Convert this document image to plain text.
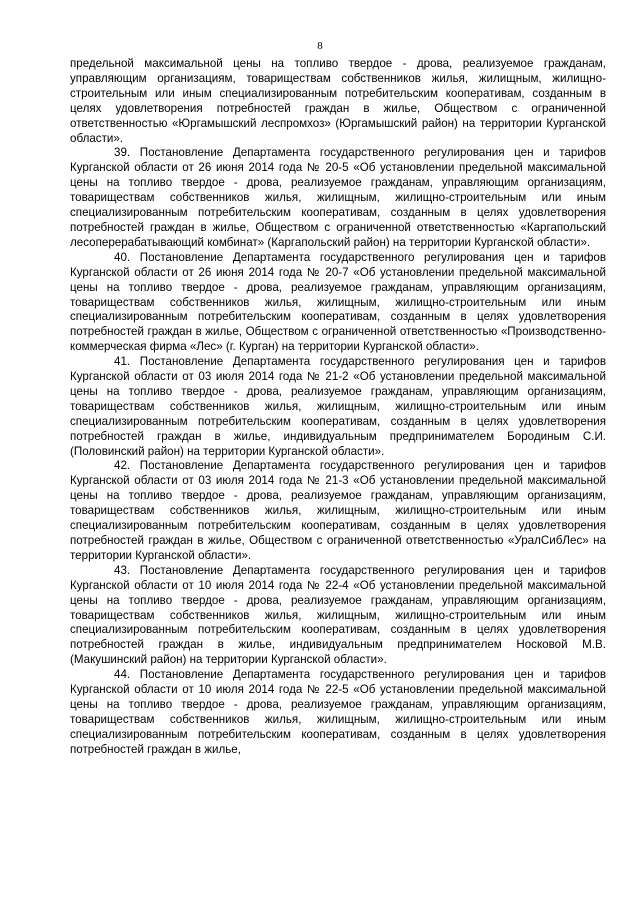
8

предельной максимальной цены на топливо твердое - дрова, реализуемое гражданам, управляющим организациям, товариществам собственников жилья, жилищным, жилищно-строительным или иным специализированным потребительским кооперативам, созданным в целях удовлетворения потребностей граждан в жилье, Обществом с ограниченной ответственностью «Юргамышский леспромхоз» (Юргамышский район) на территории Курганской области».

39. Постановление Департамента государственного регулирования цен и тарифов Курганской области от 26 июня 2014 года № 20-5 «Об установлении предельной максимальной цены на топливо твердое - дрова, реализуемое гражданам, управляющим организациям, товариществам собственников жилья, жилищным, жилищно-строительным или иным специализированным потребительским кооперативам, созданным в целях удовлетворения потребностей граждан в жилье, Обществом с ограниченной ответственностью «Каргапольский лесоперерабатывающий комбинат» (Каргапольский район) на территории Курганской области».

40. Постановление Департамента государственного регулирования цен и тарифов Курганской области от 26 июня 2014 года № 20-7 «Об установлении предельной максимальной цены на топливо твердое - дрова, реализуемое гражданам, управляющим организациям, товариществам собственников жилья, жилищным, жилищно-строительным или иным специализированным потребительским кооперативам, созданным в целях удовлетворения потребностей граждан в жилье, Обществом с ограниченной ответственностью «Производственно-коммерческая фирма «Лес» (г. Курган) на территории Курганской области».

41. Постановление Департамента государственного регулирования цен и тарифов Курганской области от 03 июля 2014 года № 21-2 «Об установлении предельной максимальной цены на топливо твердое - дрова, реализуемое гражданам, управляющим организациям, товариществам собственников жилья, жилищным, жилищно-строительным или иным специализированным потребительским кооперативам, созданным в целях удовлетворения потребностей граждан в жилье, индивидуальным предпринимателем Бородиным С.И. (Половинский район) на территории Курганской области».

42. Постановление Департамента государственного регулирования цен и тарифов Курганской области от 03 июля 2014 года № 21-3 «Об установлении предельной максимальной цены на топливо твердое - дрова, реализуемое гражданам, управляющим организациям, товариществам собственников жилья, жилищным, жилищно-строительным или иным специализированным потребительским кооперативам, созданным в целях удовлетворения потребностей граждан в жилье, Обществом с ограниченной ответственностью «УралСибЛес» на территории Курганской области».

43. Постановление Департамента государственного регулирования цен и тарифов Курганской области от 10 июля 2014 года № 22-4 «Об установлении предельной максимальной цены на топливо твердое - дрова, реализуемое гражданам, управляющим организациям, товариществам собственников жилья, жилищным, жилищно-строительным или иным специализированным потребительским кооперативам, созданным в целях удовлетворения потребностей граждан в жилье, индивидуальным предпринимателем Носковой М.В. (Макушинский район) на территории Курганской области».

44. Постановление Департамента государственного регулирования цен и тарифов Курганской области от 10 июля 2014 года № 22-5 «Об установлении предельной максимальной цены на топливо твердое - дрова, реализуемое гражданам, управляющим организациям, товариществам собственников жилья, жилищным, жилищно-строительным или иным специализированным потребительским кооперативам, созданным в целях удовлетворения потребностей граждан в жилье,
